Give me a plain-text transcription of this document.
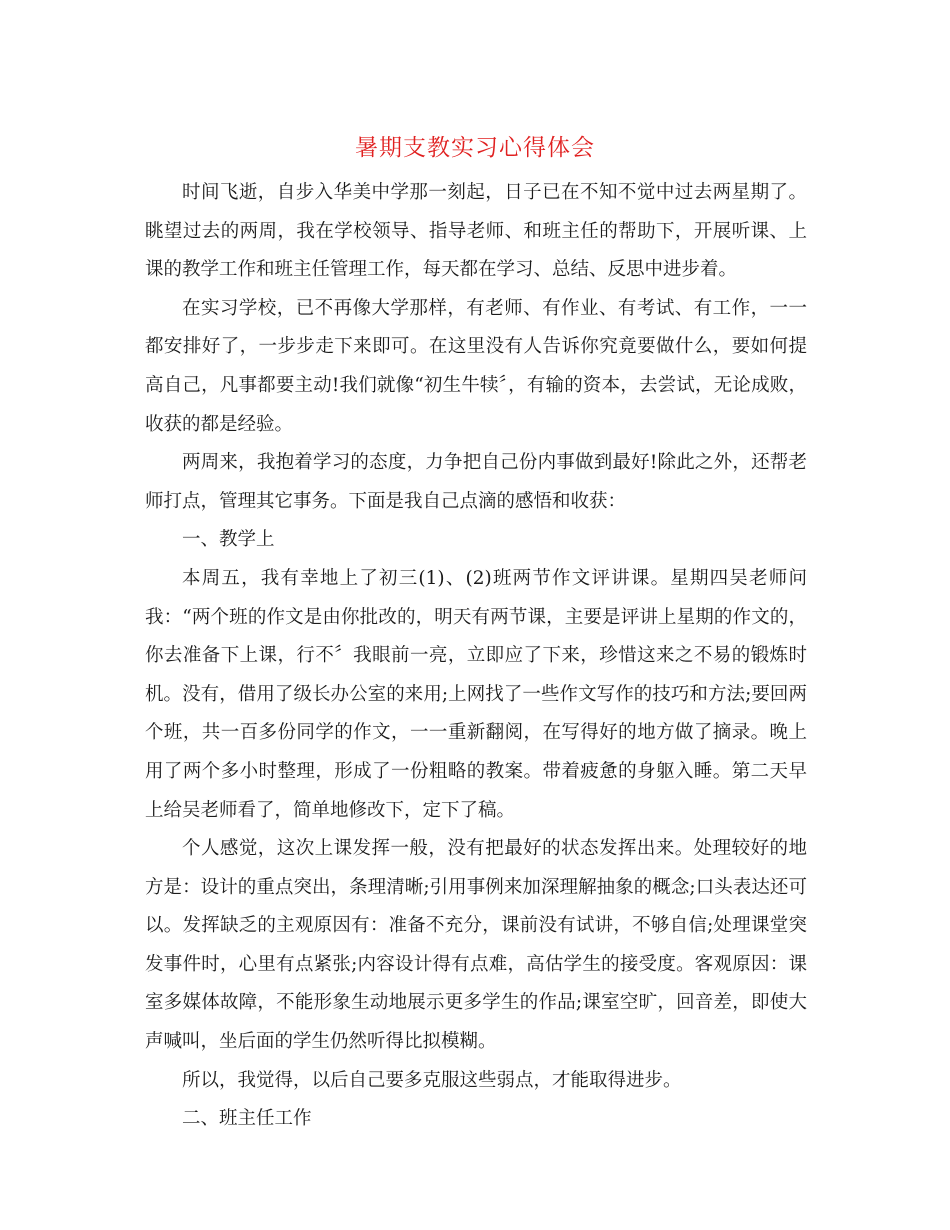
暑期支教实习心得体会

时间飞逝，自步入华美中学那一刻起，日子已在不知不觉中过去两星期了。眺望过去的两周，我在学校领导、指导老师、和班主任的帮助下，开展听课、上课的教学工作和班主任管理工作，每天都在学习、总结、反思中进步着。

在实习学校，已不再像大学那样，有老师、有作业、有考试、有工作，一一都安排好了，一步步走下来即可。在这里没有人告诉你究竟要做什么，要如何提高自己，凡事都要主动!我们就像“初生牛犊〞，有输的资本，去尝试，无论成败，收获的都是经验。

两周来，我抱着学习的态度，力争把自己份内事做到最好!除此之外，还帮老师打点，管理其它事务。下面是我自己点滴的感悟和收获：

一、教学上

本周五，我有幸地上了初三(1)、(2)班两节作文评讲课。星期四吴老师问我：“两个班的作文是由你批改的，明天有两节课，主要是评讲上星期的作文的，你去准备下上课，行不〞我眼前一亮，立即应了下来，珍惜这来之不易的锻炼时机。没有，借用了级长办公室的来用;上网找了一些作文写作的技巧和方法;要回两个班，共一百多份同学的作文，一一重新翻阅，在写得好的地方做了摘录。晚上用了两个多小时整理，形成了一份粗略的教案。带着疲惫的身躯入睡。第二天早上给吴老师看了，简单地修改下，定下了稿。

个人感觉，这次上课发挥一般，没有把最好的状态发挥出来。处理较好的地方是：设计的重点突出，条理清晰;引用事例来加深理解抽象的概念;口头表达还可以。发挥缺乏的主观原因有：准备不充分，课前没有试讲，不够自信;处理课堂突发事件时，心里有点紧张;内容设计得有点难，高估学生的接受度。客观原因：课室多媒体故障，不能形象生动地展示更多学生的作品;课室空旷，回音差，即使大声喊叫，坐后面的学生仍然听得比拟模糊。

所以，我觉得，以后自己要多克服这些弱点，才能取得进步。

二、班主任工作
